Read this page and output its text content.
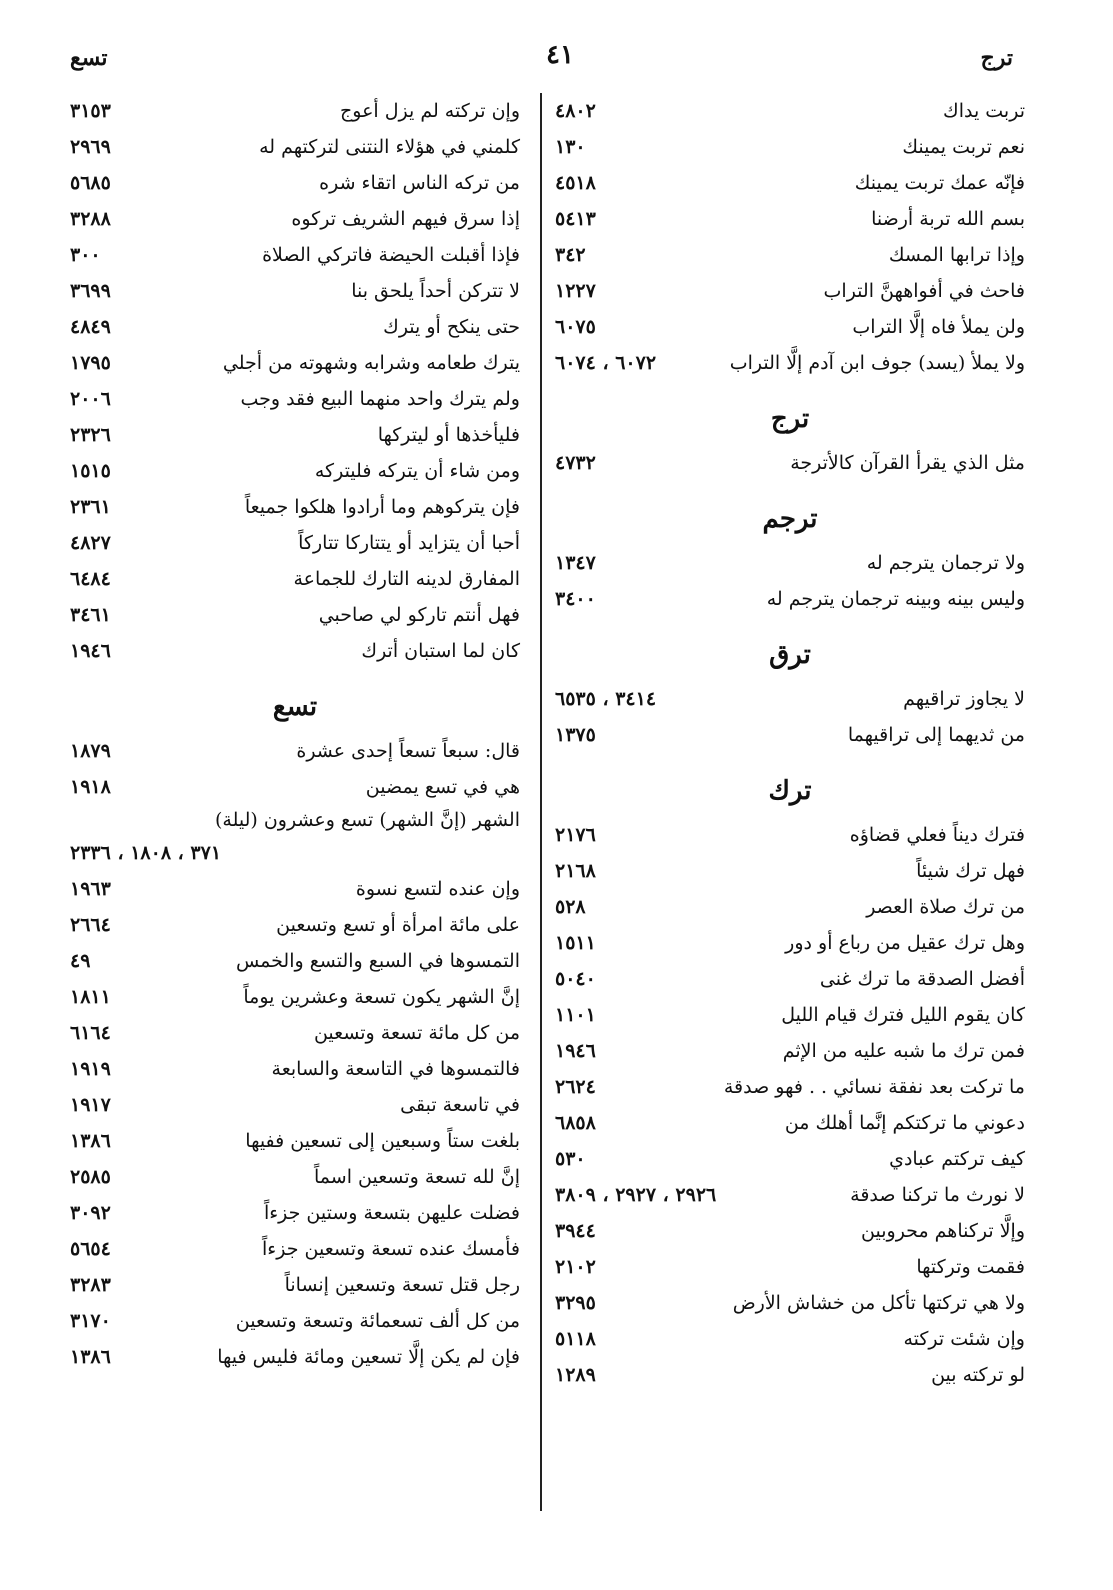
ترج
٤١
تسع
تربت يداك
٤٨٠٢
نعم تربت يمينك
١٣٠
فإنّه عمك تربت يمينك
٤٥١٨
بسم الله تربة أرضنا
٥٤١٣
وإذا ترابها المسك
٣٤٢
فاحث في أفواههنَّ التراب
١٢٢٧
ولن يملأ فاه إلَّا التراب
٦٠٧٥
ولا يملأ (يسد) جوف ابن آدم إلَّا التراب
٦٠٧٢ ، ٦٠٧٤
ترج
مثل الذي يقرأ القرآن كالأترجة
٤٧٣٢
ترجم
ولا ترجمان يترجم له
١٣٤٧
وليس بينه وبينه ترجمان يترجم له
٣٤٠٠
ترق
لا يجاوز تراقيهم
٣٤١٤ ، ٦٥٣٥
من ثديهما إلى تراقيهما
١٣٧٥
ترك
فترك ديناً فعلي قضاؤه
٢١٧٦
فهل ترك شيئاً
٢١٦٨
من ترك صلاة العصر
٥٢٨
وهل ترك عقيل من رباع أو دور
١٥١١
أفضل الصدقة ما ترك غنى
٥٠٤٠
كان يقوم الليل فترك قيام الليل
١١٠١
فمن ترك ما شبه عليه من الإثم
١٩٤٦
ما تركت بعد نفقة نسائي . . فهو صدقة
٢٦٢٤
دعوني ما تركتكم إنَّما أهلك من
٦٨٥٨
كيف تركتم عبادي
٥٣٠
لا نورث ما تركنا صدقة
٢٩٢٦ ، ٢٩٢٧ ، ٣٨٠٩
وإلَّا تركناهم محروبين
٣٩٤٤
فقمت وتركتها
٢١٠٢
ولا هي تركتها تأكل من خشاش الأرض
٣٢٩٥
وإن شئت تركته
٥١١٨
لو تركته بين
١٢٨٩
وإن تركته لم يزل أعوج
٣١٥٣
كلمني في هؤلاء النتنى لتركتهم له
٢٩٦٩
من تركه الناس اتقاء شره
٥٦٨٥
إذا سرق فيهم الشريف تركوه
٣٢٨٨
فإذا أقبلت الحيضة فاتركي الصلاة
٣٠٠
لا تتركن أحداً يلحق بنا
٣٦٩٩
حتى ينكح أو يترك
٤٨٤٩
يترك طعامه وشرابه وشهوته من أجلي
١٧٩٥
ولم يترك واحد منهما البيع فقد وجب
٢٠٠٦
فليأخذها أو ليتركها
٢٣٢٦
ومن شاء أن يتركه فليتركه
١٥١٥
فإن يتركوهم وما أرادوا هلكوا جميعاً
٢٣٦١
أحبا أن يتزايد أو يتتاركا تتاركاً
٤٨٢٧
المفارق لدينه التارك للجماعة
٦٤٨٤
فهل أنتم تاركو لي صاحبي
٣٤٦١
كان لما استبان أترك
١٩٤٦
تسع
قال: سبعاً تسعاً إحدى عشرة
١٨٧٩
هي في تسع يمضين
١٩١٨
الشهر (إنَّ الشهر) تسع وعشرون (ليلة)
٣٧١ ، ١٨٠٨ ، ٢٣٣٦
وإن عنده لتسع نسوة
١٩٦٣
على مائة امرأة أو تسع وتسعين
٢٦٦٤
التمسوها في السبع والتسع والخمس
٤٩
إنَّ الشهر يكون تسعة وعشرين يوماً
١٨١١
من كل مائة تسعة وتسعين
٦١٦٤
فالتمسوها في التاسعة والسابعة
١٩١٩
في تاسعة تبقى
١٩١٧
بلغت ستاً وسبعين إلى تسعين ففيها
١٣٨٦
إنَّ لله تسعة وتسعين اسماً
٢٥٨٥
فضلت عليهن بتسعة وستين جزءاً
٣٠٩٢
فأمسك عنده تسعة وتسعين جزءاً
٥٦٥٤
رجل قتل تسعة وتسعين إنساناً
٣٢٨٣
من كل ألف تسعمائة وتسعة وتسعين
٣١٧٠
فإن لم يكن إلَّا تسعين ومائة فليس فيها
١٣٨٦
